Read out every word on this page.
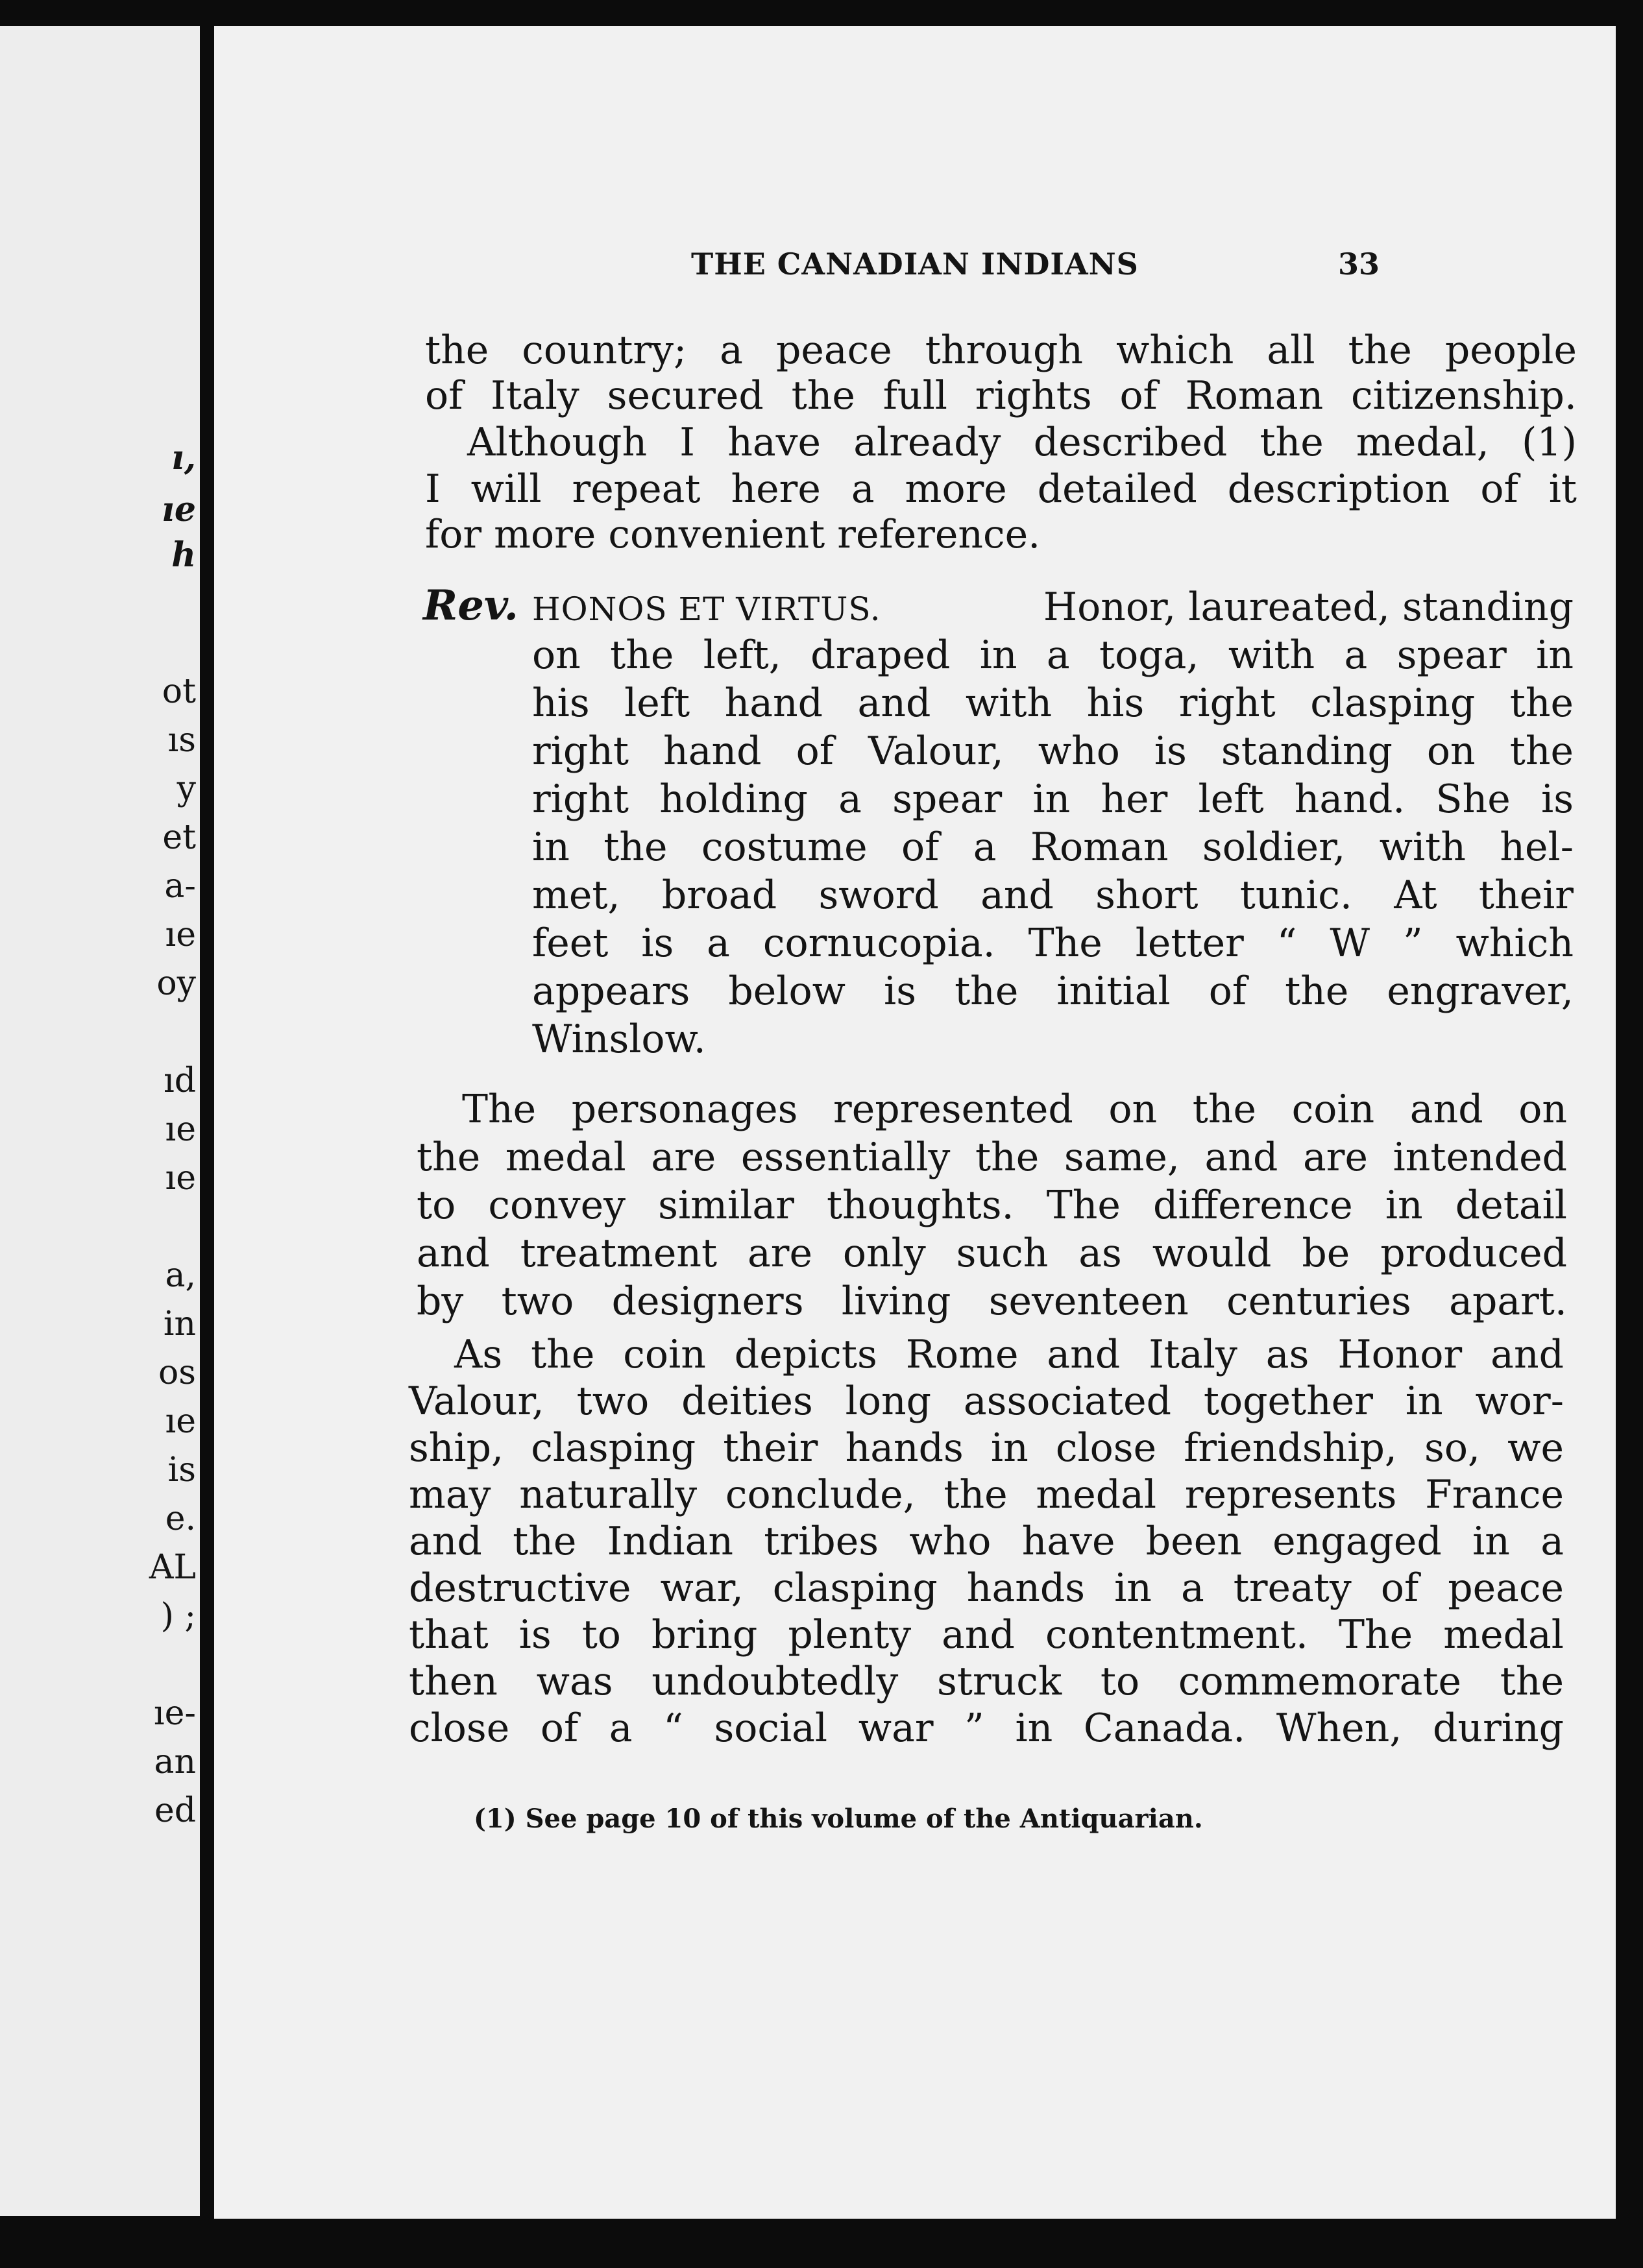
ı,
ıe
h
ot
ıs
y
et
a-
ıe
oy
ıd
ıe
ıe
a,
in
os
ıe
is
e.
AL
) ;
ıe-
an
ed
THE CANADIAN INDIANS	33
the country; a peace through which all the people
of Italy secured the full rights of Roman citizenship.
Although I have already described the medal, (1)
I will repeat here a more detailed description of it
for more convenient reference.
Rev. HONOS ET VIRTUS.	Honor, laureated, standing
(1) See page 10 of this volume of the Antiquarian.
on the left, draped in a toga, with a spear in
his left hand and with his right clasping the
right hand of Valour, who is standing on the
right holding a spear in her left hand. She is
in the costume of a Roman soldier, with hel-
met, broad sword and short tunic. At their
feet is a cornucopia. The letter “ W ” which
appears below is the initial of the engraver,
Winslow.
The personages represented on the coin and on
the medal are essentially the same, and are intended
to convey similar thoughts. The difference in detail
and treatment are only such as would be produced
by two designers living seventeen centuries apart.
As the coin depicts Rome and Italy as Honor and
Valour, two deities long associated together in wor-
ship, clasping their hands in close friendship, so, we
may naturally conclude, the medal represents France
and the Indian tribes who have been engaged in a
destructive war, clasping hands in a treaty of peace
that is to bring plenty and contentment. The medal
then was undoubtedly struck to commemorate the
close of a “ social war ” in Canada. When, during
